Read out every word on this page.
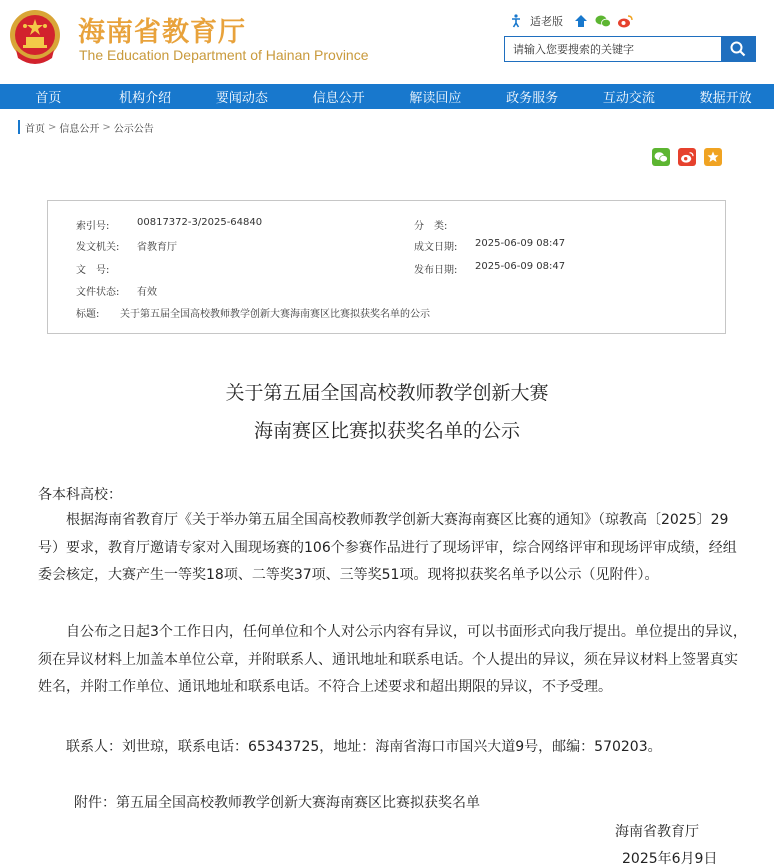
海南省教育厅
The Education Department of Hainan Province
适老版
请输入您要搜索的关键字
首页	机构介绍	要闻动态	信息公开	解读回应	政务服务	互动交流	数据开放
首页 > 信息公开 > 公示公告
索引号:	00817372-3/2025-64840	分　类:
发文机关: 省教育厅	成文日期: 2025-06-09 08:47
文　号:	发布日期: 2025-06-09 08:47
文件状态: 有效
标题: 关于第五届全国高校教师教学创新大赛海南赛区比赛拟获奖名单的公示
关于第五届全国高校教师教学创新大赛
海南赛区比赛拟获奖名单的公示
各本科高校：
根据海南省教育厅《关于举办第五届全国高校教师教学创新大赛海南赛区比赛的通知》（琼教高〔2025〕29号）要求，教育厅邀请专家对入围现场赛的106个参赛作品进行了现场评审，综合网络评审和现场评审成绩，经组委会核定，大赛产生一等奖18项、二等奖37项、三等奖51项。现将拟获奖名单予以公示（见附件）。
自公布之日起3个工作日内，任何单位和个人对公示内容有异议，可以书面形式向我厅提出。单位提出的异议，须在异议材料上加盖本单位公章，并附联系人、通讯地址和联系电话。个人提出的异议，须在异议材料上签署真实姓名，并附工作单位、通讯地址和联系电话。不符合上述要求和超出期限的异议，不予受理。
联系人：刘世琼，联系电话：65343725，地址：海南省海口市国兴大道9号，邮编：570203。
附件：第五届全国高校教师教学创新大赛海南赛区比赛拟获奖名单
海南省教育厅
2025年6月9日
